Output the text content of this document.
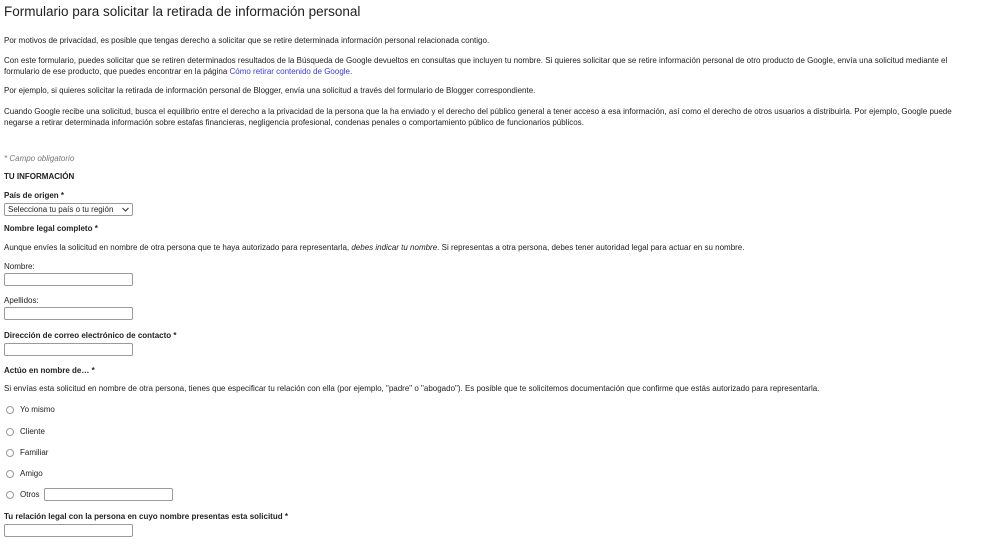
Formulario para solicitar la retirada de información personal

Por motivos de privacidad, es posible que tengas derecho a solicitar que se retire determinada información personal relacionada contigo.

Con este formulario, puedes solicitar que se retiren determinados resultados de la Búsqueda de Google devueltos en consultas que incluyen tu nombre. Si quieres solicitar que se retire información personal de otro producto de Google, envía una solicitud mediante el formulario de ese producto, que puedes encontrar en la página Cómo retirar contenido de Google.

Por ejemplo, si quieres solicitar la retirada de información personal de Blogger, envía una solicitud a través del formulario de Blogger correspondiente.

Cuando Google recibe una solicitud, busca el equilibrio entre el derecho a la privacidad de la persona que la ha enviado y el derecho del público general a tener acceso a esa información, así como el derecho de otros usuarios a distribuirla. Por ejemplo, Google puede negarse a retirar determinada información sobre estafas financieras, negligencia profesional, condenas penales o comportamiento público de funcionarios públicos.

* Campo obligatorio
TU INFORMACIÓN
País de origen *
Selecciona tu país o tu región
Nombre legal completo *
Aunque envíes la solicitud en nombre de otra persona que te haya autorizado para representarla, debes indicar tu nombre. Si representas a otra persona, debes tener autoridad legal para actuar en su nombre.
Nombre:
Apellidos:
Dirección de correo electrónico de contacto *
Actúo en nombre de… *
Si envías esta solicitud en nombre de otra persona, tienes que especificar tu relación con ella (por ejemplo, "padre" o "abogado"). Es posible que te solicitemos documentación que confirme que estás autorizado para representarla.
Yo mismo
Cliente
Familiar
Amigo
Otros
Tu relación legal con la persona en cuyo nombre presentas esta solicitud *
